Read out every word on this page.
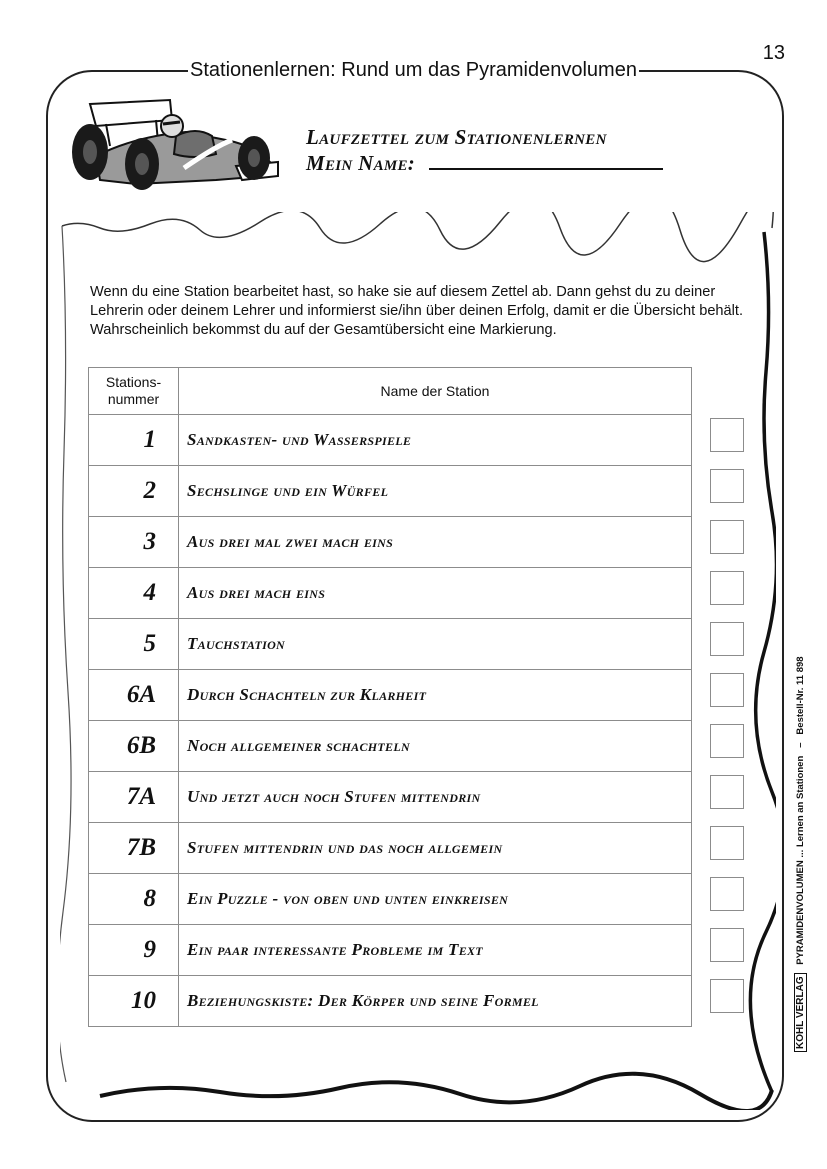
13
Stationenlernen: Rund um das Pyramidenvolumen
Laufzettel zum Stationenlernen
Mein Name:

Wenn du eine Station bearbeitet hast, so hake sie auf diesem Zettel ab. Dann gehst du zu deiner Lehrerin oder deinem Lehrer und informierst sie/ihn über deinen Erfolg, damit er die Übersicht behält. Wahrscheinlich bekommst du auf der Gesamtübersicht eine Markierung.

Stations-
nummer	Name der Station
1	Sandkasten- und Wasserspiele
2	Sechslinge und ein Würfel
3	Aus drei mal zwei mach eins
4	Aus drei mach eins
5	Tauchstation
6A	Durch Schachteln zur Klarheit
6B	Noch allgemeiner schachteln
7A	Und jetzt auch noch Stufen mittendrin
7B	Stufen mittendrin und das noch allgemein
8	Ein Puzzle - von oben und unten einkreisen
9	Ein paar interessante Probleme im Text
10	Beziehungskiste: Der Körper und seine Formel	KOHL VERLAG PYRAMIDENVOLUMEN ... Lernen an Stationen   –   Bestell-Nr. 11 898
